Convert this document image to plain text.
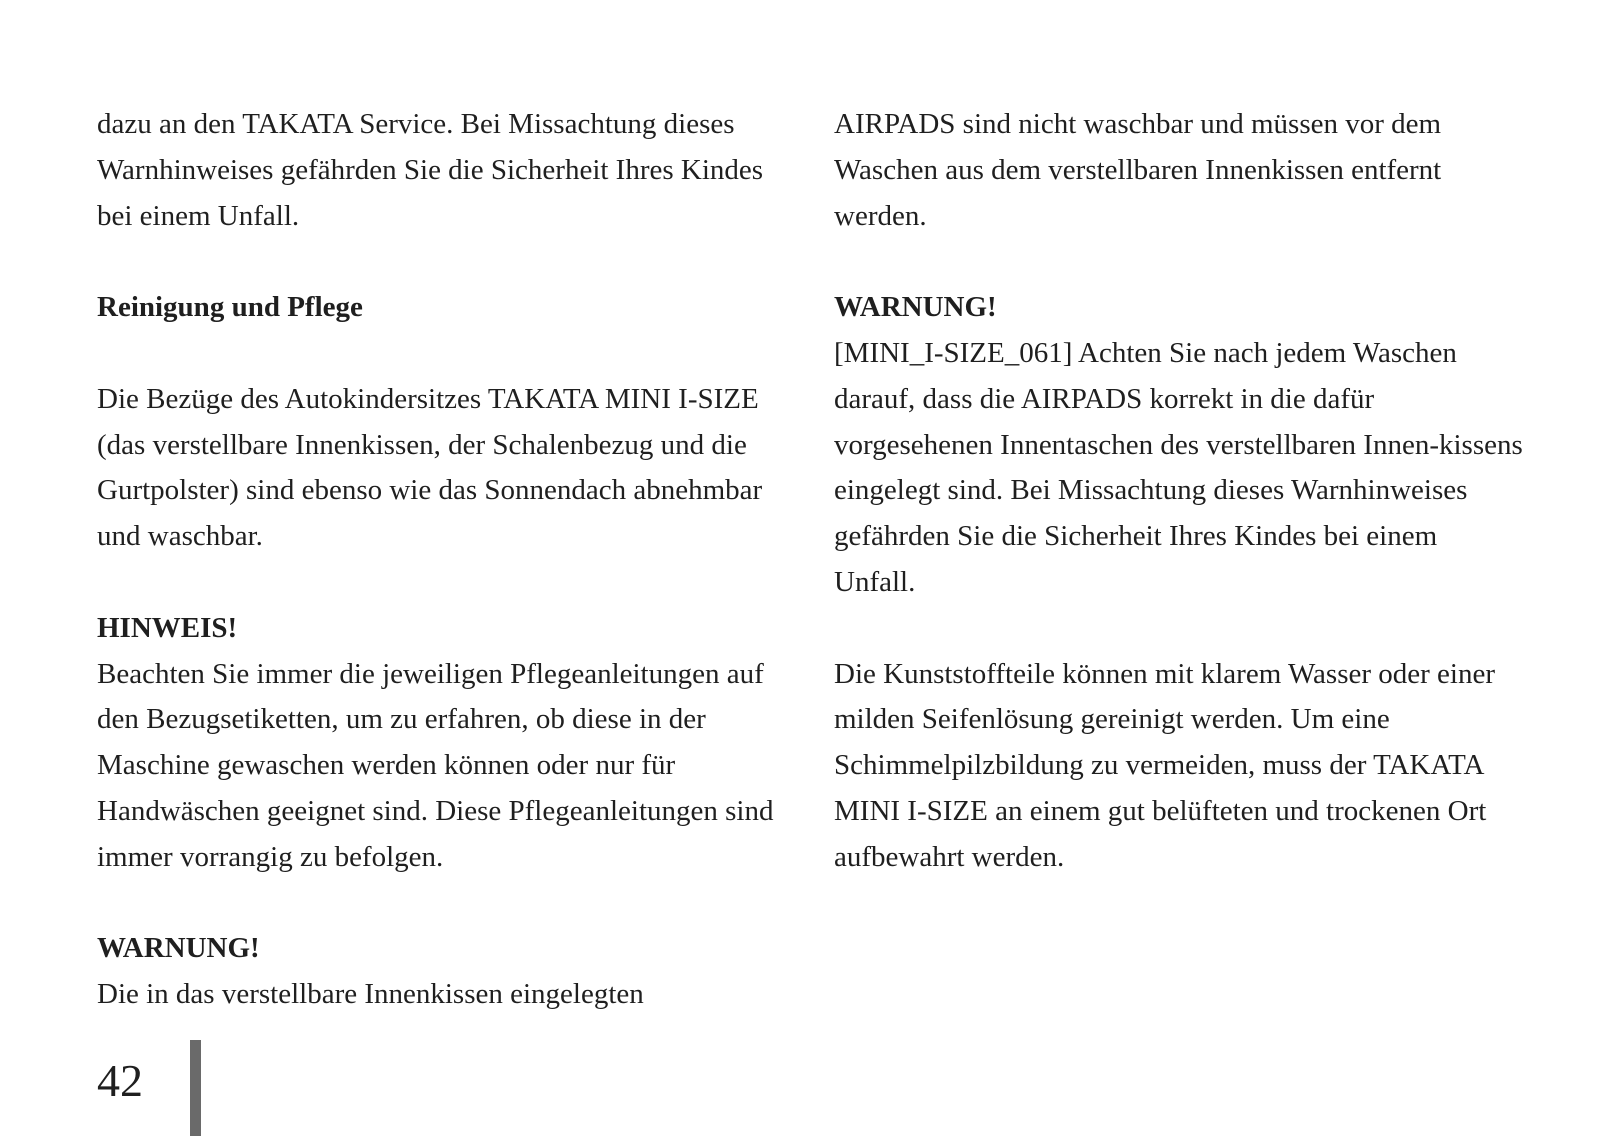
dazu an den TAKATA Service. Bei Missachtung dieses Warnhinweises gefährden Sie die Sicherheit Ihres Kindes bei einem Unfall.

Reinigung und Pflege

Die Bezüge des Autokindersitzes TAKATA MINI I-SIZE (das verstellbare Innenkissen, der Schalenbezug und die Gurtpolster) sind ebenso wie das Sonnendach abnehmbar und waschbar.

HINWEIS!

Beachten Sie immer die jeweiligen Pflegeanleitungen auf den Bezugsetiketten, um zu erfahren, ob diese in der Maschine gewaschen werden können oder nur für Handwäschen geeignet sind. Diese Pflegeanleitungen sind immer vorrangig zu befolgen.

WARNUNG!

Die in das verstellbare Innenkissen eingelegten

AIRPADS sind nicht waschbar und müssen vor dem Waschen aus dem verstellbaren Innenkissen entfernt werden.

WARNUNG!

[MINI_I-SIZE_061] Achten Sie nach jedem Waschen darauf, dass die AIRPADS korrekt in die dafür vorgesehenen Innentaschen des verstellbaren Innen-kissens eingelegt sind. Bei Missachtung dieses Warnhinweises gefährden Sie die Sicherheit Ihres Kindes bei einem Unfall.

Die Kunststoffteile können mit klarem Wasser oder einer milden Seifenlösung gereinigt werden. Um eine Schimmelpilzbildung zu vermeiden, muss der TAKATA MINI I-SIZE an einem gut belüfteten und trockenen Ort aufbewahrt werden.

42
